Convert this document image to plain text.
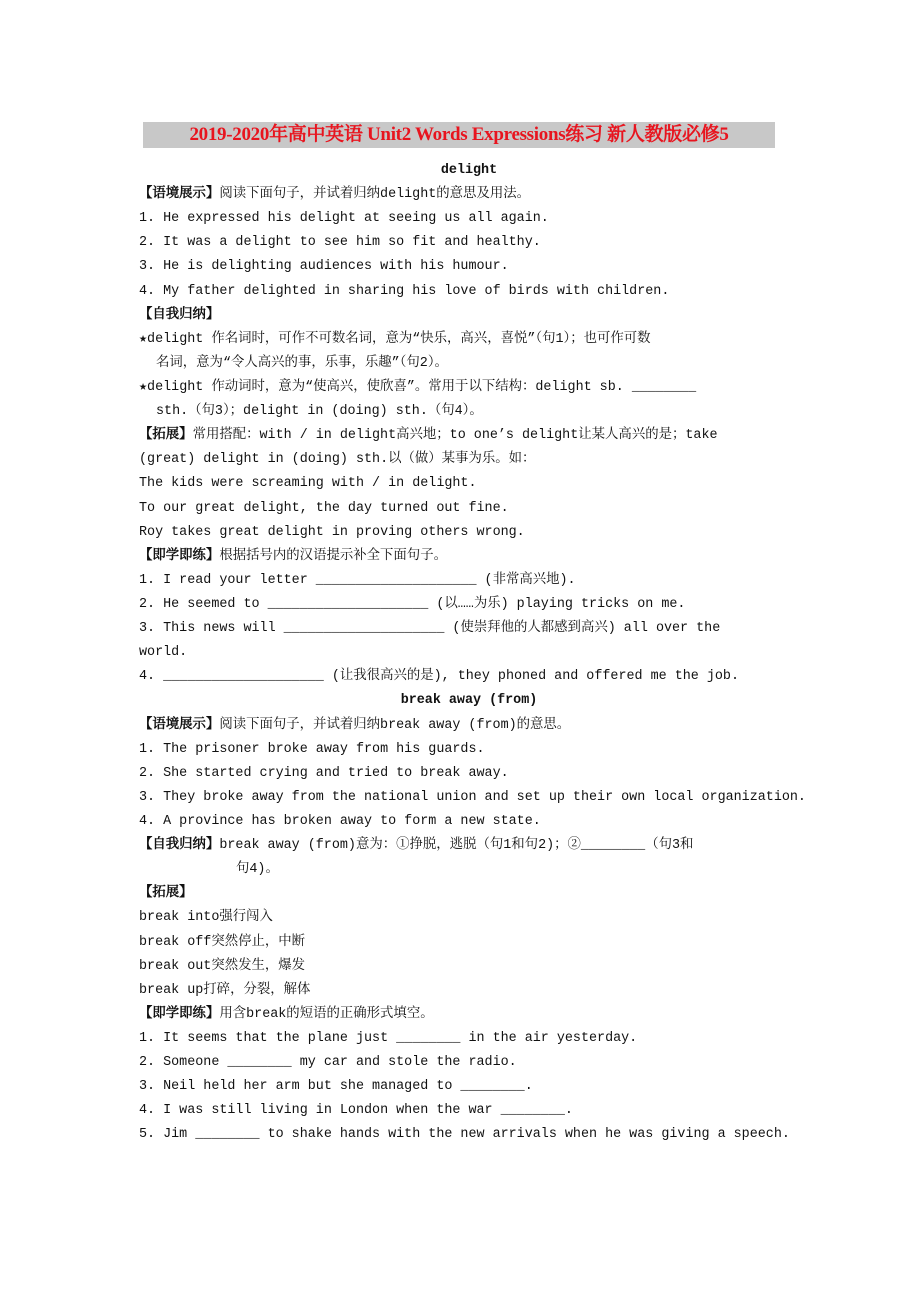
2019-2020年高中英语 Unit2 Words Expressions练习 新人教版必修5
delight
【语境展示】阅读下面句子，并试着归纳delight的意思及用法。
1. He expressed his delight at seeing us all again.
2. It was a delight to see him so fit and healthy.
3. He is delighting audiences with his humour.
4. My father delighted in sharing his love of birds with children.
【自我归纳】
★delight 作名词时，可作不可数名词，意为“快乐，高兴，喜悦”（句1）；也可作可数
名词，意为“令人高兴的事，乐事，乐趣”（句2）。
★delight 作动词时，意为“使高兴，使欣喜”。常用于以下结构：delight sb. ________
sth.（句3）；delight in (doing) sth.（句4）。
【拓展】常用搭配：with / in delight高兴地；to one’s delight让某人高兴的是；take
(great) delight in (doing) sth.以（做）某事为乐。如：
The kids were screaming with / in delight.
To our great delight, the day turned out fine.
Roy takes great delight in proving others wrong.
【即学即练】根据括号内的汉语提示补全下面句子。
1. I read your letter ____________________ (非常高兴地).
2. He seemed to ____________________ (以……为乐) playing tricks on me.
3. This news will ____________________ (使崇拜他的人都感到高兴) all over the
world.
4. ____________________ (让我很高兴的是), they phoned and offered me the job.
break away (from)
【语境展示】阅读下面句子，并试着归纳break away (from)的意思。
1. The prisoner broke away from his guards.
2. She started crying and tried to break away.
3. They broke away from the national union and set up their own local organization.
4. A province has broken away to form a new state.
【自我归纳】break away (from)意为：①挣脱，逃脱（句1和句2)；②________（句3和
句4)。
【拓展】
break into强行闯入
break off突然停止，中断
break out突然发生，爆发
break up打碎，分裂，解体
【即学即练】用含break的短语的正确形式填空。
1. It seems that the plane just ________ in the air yesterday.
2. Someone ________ my car and stole the radio.
3. Neil held her arm but she managed to ________.
4. I was still living in London when the war ________.
5. Jim ________ to shake hands with the new arrivals when he was giving a speech.
